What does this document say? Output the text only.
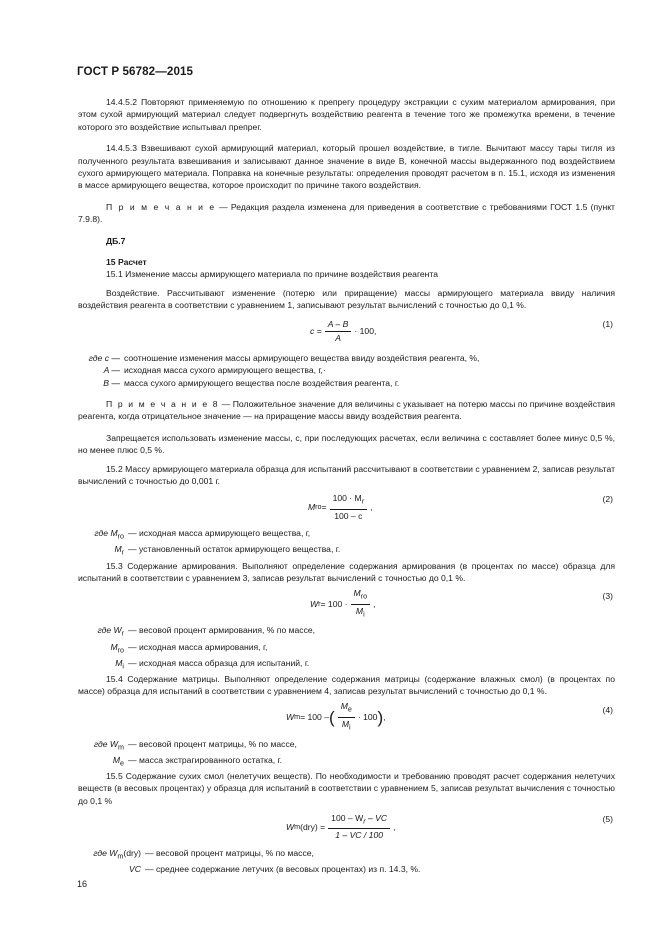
ГОСТ Р 56782—2015

14.4.5.2 Повторяют применяемую по отношению к препрегу процедуру экстракции с сухим материалом армирования, при этом сухой армирующий материал следует подвергнуть воздействию реагента в течение того же промежутка времени, в течение которого это воздействие испытывал препрег.

14.4.5.3 Взвешивают сухой армирующий материал, который прошел воздействие, в тигле. Вычитают массу тары тигля из полученного результата взвешивания и записывают данное значение в виде B, конечной массы выдержанного под воздействием сухого армирующего материала. Поправка на конечные результаты: определения проводят расчетом в п. 15.1, исходя из изменения в массе армирующего вещества, которое происходит по причине такого воздействия.

П р и м е ч а н и е — Редакция раздела изменена для приведения в соответствие с требованиями ГОСТ 1.5 (пункт 7.9.8).

ДБ.7

15 Расчет

15.1 Изменение массы армирующего материала по причине воздействия реагента

Воздействие. Рассчитывают изменение (потерю или приращение) массы армирующего материала ввиду наличия воздействия реагента в соответствии с уравнением 1, записывают результат вычислений с точностью до 0,1 %.

$c = \frac{A - B}{A} \cdot 100$,
(1)
где c — соотношение изменения массы армирующего вещества ввиду воздействия реагента, %,
A — исходная масса сухого армирующего вещества, г,·
B — масса сухого армирующего вещества после воздействия реагента, г.

П р и м е ч а н и е 8 — Положительное значение для величины c указывает на потерю массы по причине воздействия реагента, когда отрицательное значение — на приращение массы ввиду воздействия реагента.

Запрещается использовать изменение массы, c, при последующих расчетах, если величина c составляет более минус 0,5 %, но менее плюс 0,5 %.

15.2 Массу армирующего материала образца для испытаний рассчитывают в соответствии с уравнением 2, записав результат вычислений с точностью до 0,001 г.

M ro = $\frac{100 \cdot M_r}{100 - c}$ ,
(2)
где $M_{ro}$ — исходная масса армирующего вещества, г,
$M_r$ — установленный остаток армирующего вещества, г.

15.3 Содержание армирования. Выполняют определение содержания армирования (в процентах по массе) образца для испытаний в соответствии с уравнением 3, записав результат вычислений с точностью до 0,1 %.

W $r = 100 \cdot \frac{M_{ro}}{M_i}$ ,
(3)
где $W_r$ — весовой процент армирования, % по массе,
$M_{ro}$ — исходная масса армирования, г,
$M_i$ — исходная масса образца для испытаний, г.

15.4 Содержание матрицы. Выполняют определение содержания матрицы (содержание влажных смол) (в процентах по массе) образца для испытаний в соответствии с уравнением 4, записав результат вычислений с точностью до 0,1 %.

W m = 100 – ( $\frac{M_e}{M_i} \cdot 100$ ) ,
(4)
где $W_m$ — весовой процент матрицы, % по массе,
$M_e$ — масса экстрагированного остатка, г.

15.5 Содержание сухих смол (нелетучих веществ). По необходимости и требованию проводят расчет содержания нелетучих веществ (в весовых процентах) у образца для испытаний в соответствии с уравнением 5, записав результат вычисления с точностью до 0,1 %

W m $(dry) = \frac{100 - W_r - VC}{1 - VC / 100}$ ,
(5)
где $W_m(dry)$ — весовой процент матрицы, % по массе,
VC — среднее содержание летучих (в весовых процентах) из п. 14.3, %.
16
